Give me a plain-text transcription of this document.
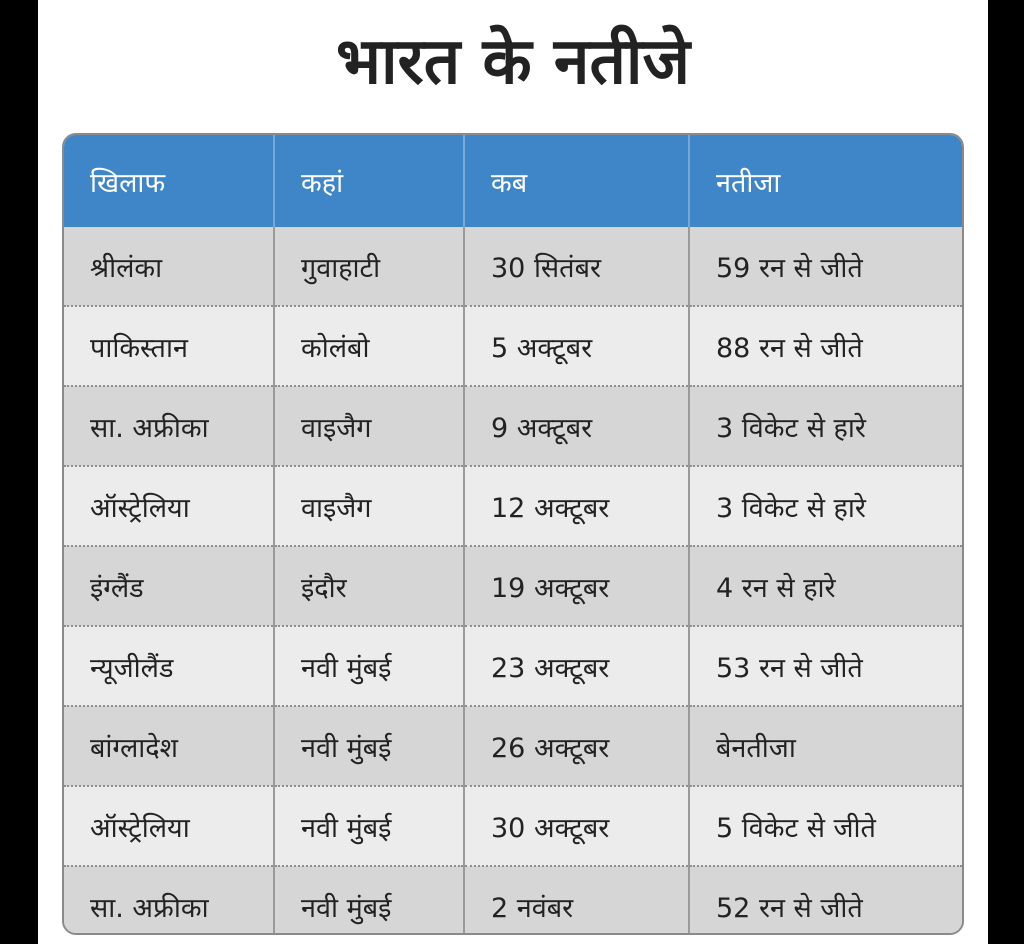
भारत के नतीजे
खिलाफ	कहां	कब	नतीजा
श्रीलंका	गुवाहाटी	30 सितंबर	59 रन से जीते
पाकिस्तान	कोलंबो	5 अक्टूबर	88 रन से जीते
सा. अफ्रीका	वाइजैग	9 अक्टूबर	3 विकेट से हारे
ऑस्ट्रेलिया	वाइजैग	12 अक्टूबर	3 विकेट से हारे
इंग्लैंड	इंदौर	19 अक्टूबर	4 रन से हारे
न्यूजीलैंड	नवी मुंबई	23 अक्टूबर	53 रन से जीते
बांग्लादेश	नवी मुंबई	26 अक्टूबर	बेनतीजा
ऑस्ट्रेलिया	नवी मुंबई	30 अक्टूबर	5 विकेट से जीते
सा. अफ्रीका	नवी मुंबई	2 नवंबर	52 रन से जीते
